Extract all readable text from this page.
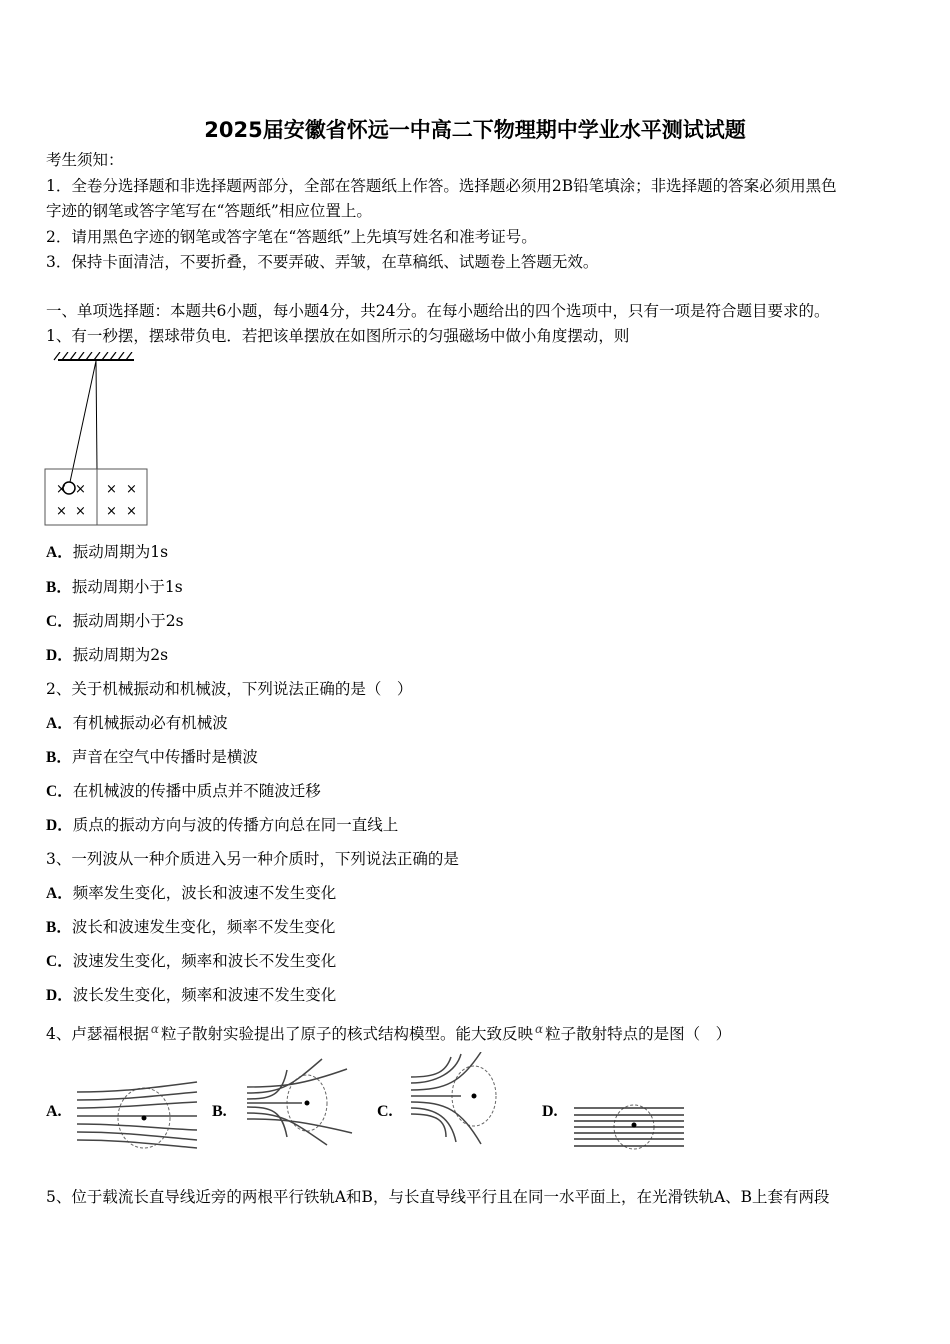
2025届安徽省怀远一中高二下物理期中学业水平测试试题
考生须知：
1．全卷分选择题和非选择题两部分，全部在答题纸上作答。选择题必须用2B铅笔填涂；非选择题的答案必须用黑色
字迹的钢笔或答字笔写在“答题纸”相应位置上。
2．请用黑色字迹的钢笔或答字笔在“答题纸”上先填写姓名和准考证号。
3．保持卡面清洁，不要折叠，不要弄破、弄皱，在草稿纸、试题卷上答题无效。
一、单项选择题：本题共6小题，每小题4分，共24分。在每小题给出的四个选项中，只有一项是符合题目要求的。
1、有一秒摆，摆球带负电．若把该单摆放在如图所示的匀强磁场中做小角度摆动，则
× × × ×
× × × ×
A．振动周期为1s
B．振动周期小于1s
C．振动周期小于2s
D．振动周期为2s
2、关于机械振动和机械波，下列说法正确的是（　）
A．有机械振动必有机械波
B．声音在空气中传播时是横波
C．在机械波的传播中质点并不随波迁移
D．质点的振动方向与波的传播方向总在同一直线上
3、一列波从一种介质进入另一种介质时，下列说法正确的是
A．频率发生变化，波长和波速不发生变化
B．波长和波速发生变化，频率不发生变化
C．波速发生变化，频率和波长不发生变化
D．波长发生变化，频率和波速不发生变化
4、卢瑟福根据 $^\alpha$ 粒子散射实验提出了原子的核式结构模型。能大致反映 $^\alpha$ 粒子散射特点的是图（　）
A.	B.	C.	D.
5、位于载流长直导线近旁的两根平行铁轨A和B，与长直导线平行且在同一水平面上，在光滑铁轨A、B上套有两段
